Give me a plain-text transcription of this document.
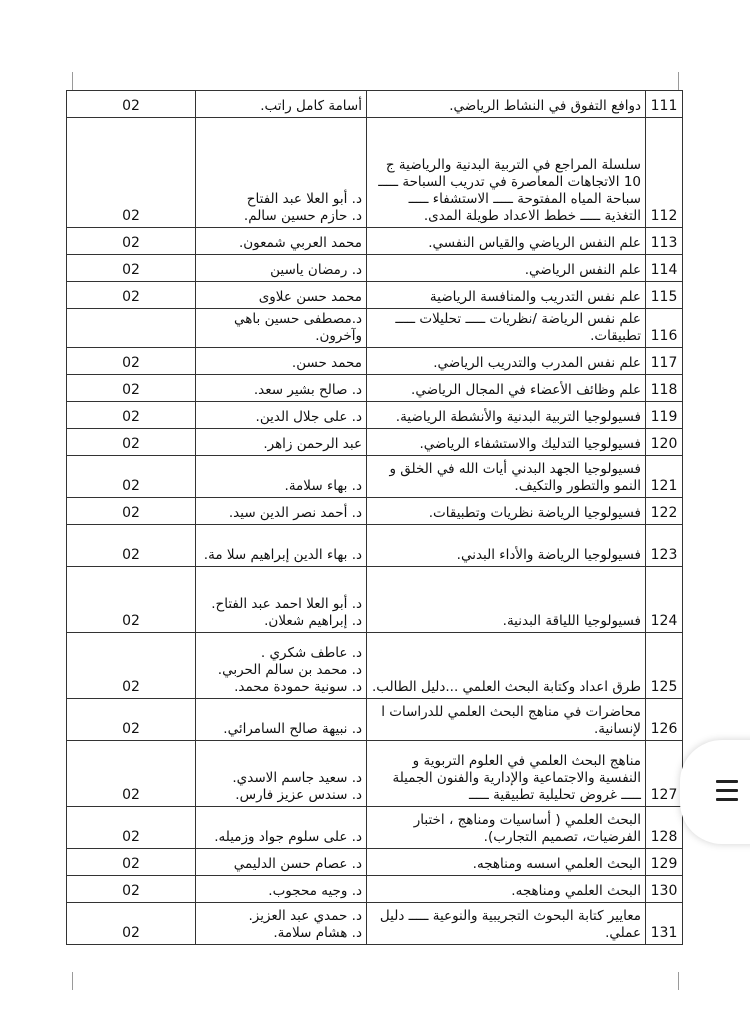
111	دوافع التفوق في النشاط الرياضي.	أسامة كامل راتب.	02
112	سلسلة المراجع في التربية البدنية والرياضية ج 10 الاتجاهات المعاصرة في تدريب السباحة ـــــ سباحة المياه المفتوحة ـــــ الاستشفاء ـــــ التغذية ـــــ خطط الاعداد طويلة المدى.	د. أبو العلا عبد الفتاح
د. حازم حسين سالم.	02
113	علم النفس الرياضي والقياس النفسي.	محمد العربي شمعون.	02
114	علم النفس الرياضي.	د. رمضان ياسين	02
115	علم نفس التدريب والمنافسة الرياضية	محمد حسن علاوى	02
116	علم نفس الرياضة /نظريات ـــــ تحليلات ـــــ تطبيقات.	د.مصطفى حسين باهي وآخرون.	

117	علم نفس المدرب والتدريب الرياضي.	محمد حسن.	02
118	علم وظائف الأعضاء في المجال الرياضي.	د. صالح بشير سعد.	02
119	فسيولوجيا التربية البدنية والأنشطة الرياضية.	د. على جلال الدين.	02
120	فسيولوجيا التدليك والاستشفاء الرياضي.	عبد الرحمن زاهر.	02
121	فسيولوجيا الجهد البدني أيات الله في الخلق و النمو والتطور والتكيف.	د. بهاء سلامة.	02
122	فسيولوجيا الرياضة نظريات وتطبيقات.	د. أحمد نصر الدين سيد.	02
123	فسيولوجيا الرياضة والأداء البدني.	د. بهاء الدين إبراهيم سلا مة.	02
124	فسيولوجيا اللياقة البدنية.	د. أبو العلا احمد عبد الفتاح.
د. إبراهيم شعلان.	02
125	طرق اعداد وكتابة البحث العلمي ...دليل الطالب.	د. عاطف شكري .
د. محمد بن سالم الحربي.
د. سونية حمودة محمد.	02
126	محاضرات في مناهج البحث العلمي للدراسات ا لإنسانية.	د. نبيهة صالح السامرائي.	02
127	مناهج البحث العلمي في العلوم التربوية و النفسية والاجتماعية والإدارية والفنون الجميلة ـــــ غروض تحليلية تطبيقية ـــــ	د. سعيد جاسم الاسدي.
د. سندس عزيز فارس.	02
128	البحث العلمي ( أساسيات ومناهج ، اختبار الفرضيات، تصميم التجارب).	د. على سلوم جواد وزميله.	02
129	البحث العلمي اسسه ومناهجه.	د. عصام حسن الدليمي	02
130	البحث العلمي ومناهجه.	د. وجيه محجوب.	02
131	معايير كتابة البحوث التجريبية والنوعية ـــــ دليل عملي.	د. حمدي عبد العزيز.
د. هشام سلامة.	02
